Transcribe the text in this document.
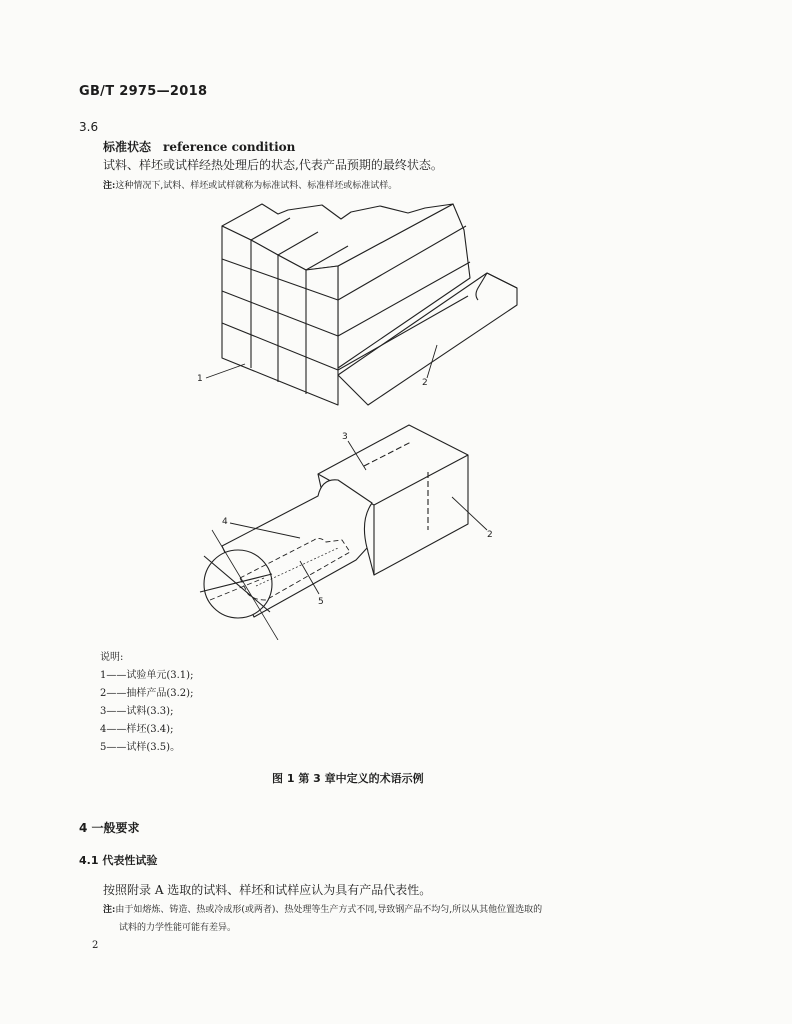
GB/T 2975—2018
3.6
标准状态 reference condition
试料、样坯或试样经热处理后的状态,代表产品预期的最终状态。
注:这种情况下,试料、样坯或试样就称为标准试料、标准样坯或标准试样。
1	2
3
4
2
5
说明:
1——试验单元(3.1);
2——抽样产品(3.2);
3——试料(3.3);
4——样坯(3.4);
5——试样(3.5)。
图 1 第 3 章中定义的术语示例
4 一般要求
4.1 代表性试验
按照附录 A 选取的试料、样坯和试样应认为具有产品代表性。
注:由于如熔炼、铸造、热或冷成形(或两者)、热处理等生产方式不同,导致钢产品不均匀,所以从其他位置选取的
试料的力学性能可能有差异。
2
